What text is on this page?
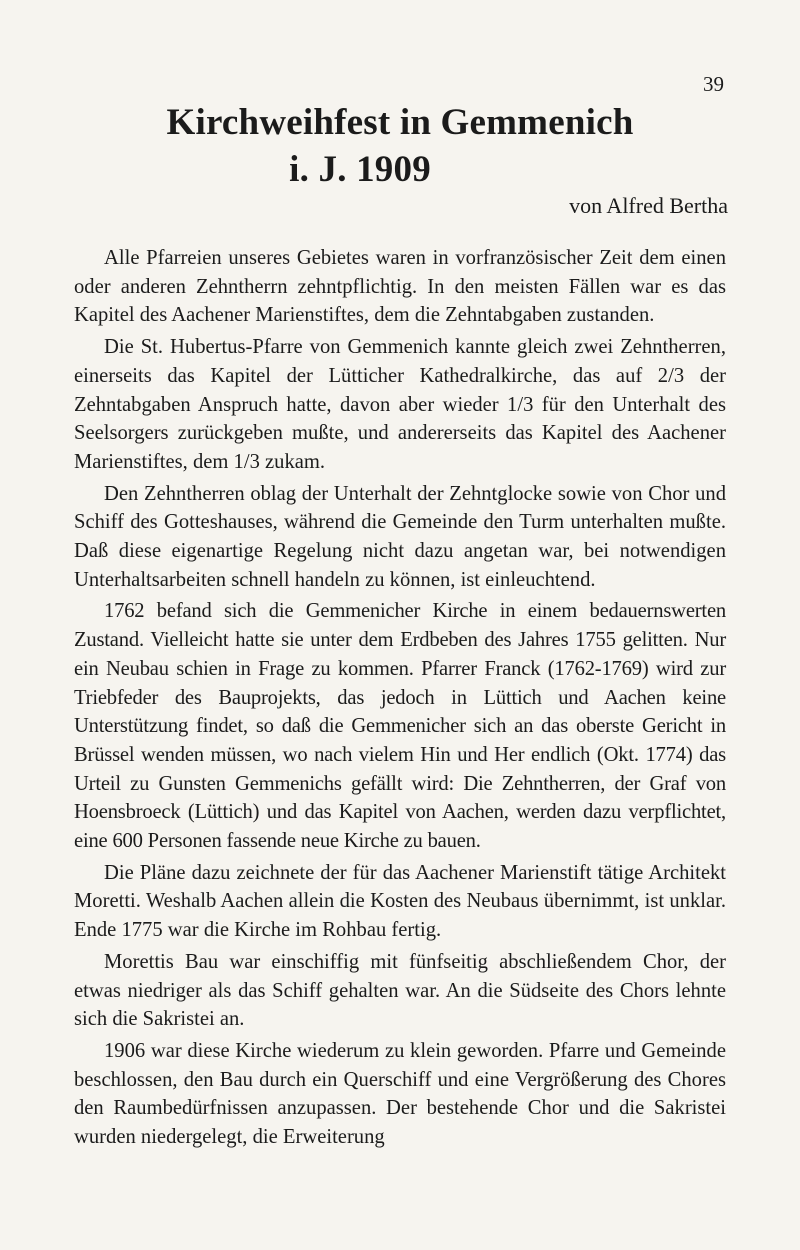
39
Kirchweihfest in Gemmenich
i. J. 1909
von Alfred Bertha

Alle Pfarreien unseres Gebietes waren in vorfranzösischer Zeit dem einen oder anderen Zehntherrn zehntpflichtig. In den meisten Fällen war es das Kapitel des Aachener Marienstiftes, dem die Zehntabgaben zustanden.

Die St. Hubertus-Pfarre von Gemmenich kannte gleich zwei Zehntherren, einerseits das Kapitel der Lütticher Kathedralkirche, das auf 2/3 der Zehntabgaben Anspruch hatte, davon aber wieder 1/3 für den Unterhalt des Seelsorgers zurückgeben mußte, und andererseits das Kapitel des Aachener Marienstiftes, dem 1/3 zukam.

Den Zehntherren oblag der Unterhalt der Zehntglocke sowie von Chor und Schiff des Gotteshauses, während die Gemeinde den Turm unterhalten mußte. Daß diese eigenartige Regelung nicht dazu angetan war, bei notwendigen Unterhaltsarbeiten schnell handeln zu können, ist einleuchtend.

1762 befand sich die Gemmenicher Kirche in einem bedauernswerten Zustand. Vielleicht hatte sie unter dem Erdbeben des Jahres 1755 gelitten. Nur ein Neubau schien in Frage zu kommen. Pfarrer Franck (1762-1769) wird zur Triebfeder des Bauprojekts, das jedoch in Lüttich und Aachen keine Unterstützung findet, so daß die Gemmenicher sich an das oberste Gericht in Brüssel wenden müssen, wo nach vielem Hin und Her endlich (Okt. 1774) das Urteil zu Gunsten Gemmenichs gefällt wird: Die Zehntherren, der Graf von Hoensbroeck (Lüttich) und das Kapitel von Aachen, werden dazu verpflichtet, eine 600 Personen fassende neue Kirche zu bauen.

Die Pläne dazu zeichnete der für das Aachener Marienstift tätige Architekt Moretti. Weshalb Aachen allein die Kosten des Neubaus übernimmt, ist unklar. Ende 1775 war die Kirche im Rohbau fertig.

Morettis Bau war einschiffig mit fünfseitig abschließendem Chor, der etwas niedriger als das Schiff gehalten war. An die Südseite des Chors lehnte sich die Sakristei an.

1906 war diese Kirche wiederum zu klein geworden. Pfarre und Gemeinde beschlossen, den Bau durch ein Querschiff und eine Vergrößerung des Chores den Raumbedürfnissen anzupassen. Der bestehende Chor und die Sakristei wurden niedergelegt, die Erweiterung
